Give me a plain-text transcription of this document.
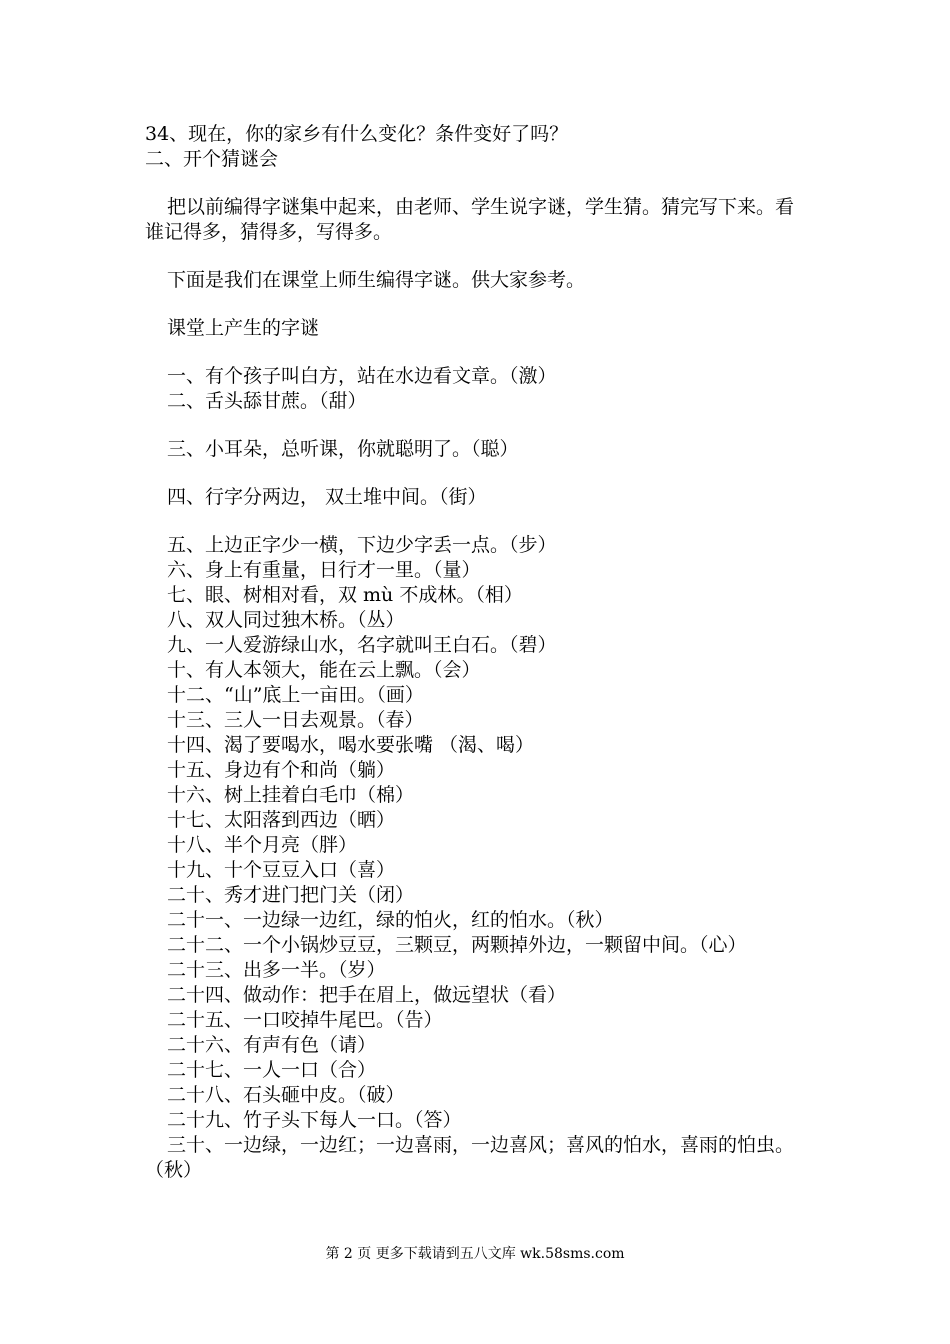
34、现在，你的家乡有什么变化？条件变好了吗？
二、开个猜谜会
把以前编得字谜集中起来，由老师、学生说字谜，学生猜。猜完写下来。看谁记得多，猜得多，写得多。
下面是我们在课堂上师生编得字谜。供大家参考。
课堂上产生的字谜
一、有个孩子叫白方，站在水边看文章。（激）
二、舌头舔甘蔗。（甜）
三、小耳朵，总听课，你就聪明了。（聪）
四、行字分两边， 双土堆中间。（街）
五、上边正字少一横，下边少字丢一点。（步）
六、身上有重量，日行才一里。（量）
七、眼、树相对看，双 mù 不成林。（相）
八、双人同过独木桥。（丛）
九、一人爱游绿山水，名字就叫王白石。（碧）
十、有人本领大，能在云上飘。（会）
十二、“山”底上一亩田。（画）
十三、三人一日去观景。（春）
十四、渴了要喝水，喝水要张嘴 （渴、喝）
十五、身边有个和尚（躺）
十六、树上挂着白毛巾（棉）
十七、太阳落到西边（晒）
十八、半个月亮（胖）
十九、十个豆豆入口（喜）
二十、秀才进门把门关（闭）
二十一、一边绿一边红，绿的怕火，红的怕水。（秋）
二十二、一个小锅炒豆豆，三颗豆，两颗掉外边，一颗留中间。（心）
二十三、出多一半。（岁）
二十四、做动作：把手在眉上，做远望状（看）
二十五、一口咬掉牛尾巴。（告）
二十六、有声有色（请）
二十七、一人一口（合）
二十八、石头砸中皮。（破）
二十九、竹子头下每人一口。（答）
三十、一边绿，一边红；一边喜雨，一边喜风；喜风的怕水，喜雨的怕虫。（秋）
第 2 页 更多下载请到五八文库 wk.58sms.com
